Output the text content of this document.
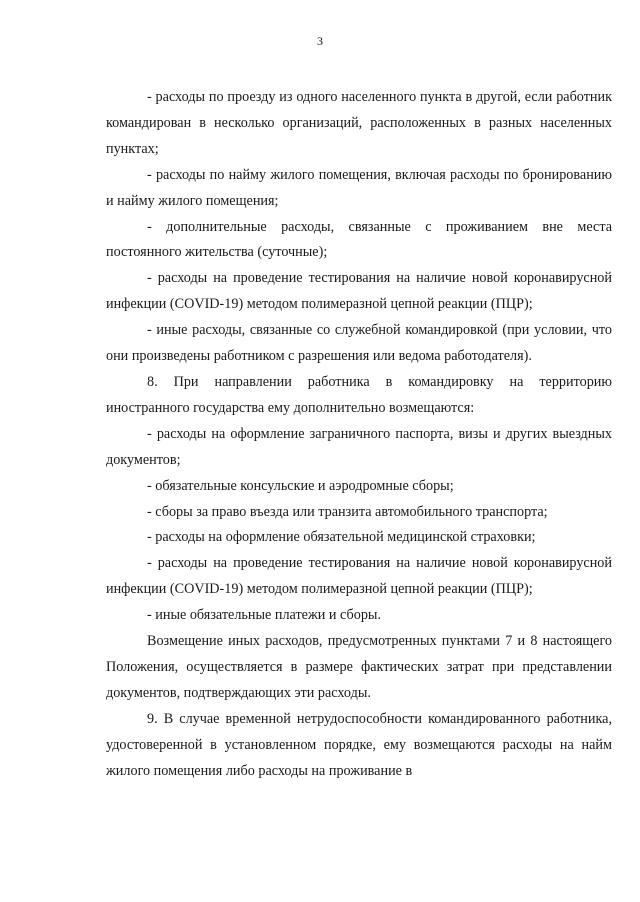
3

- расходы по проезду из одного населенного пункта в другой, если работник командирован в несколько организаций, расположенных в разных населенных пунктах;

- расходы по найму жилого помещения, включая расходы по бронированию и найму жилого помещения;

- дополнительные расходы, связанные с проживанием вне места постоянного жительства (суточные);

- расходы на проведение тестирования на наличие новой коронавирусной инфекции (COVID-19) методом полимеразной цепной реакции (ПЦР);

- иные расходы, связанные со служебной командировкой (при условии, что они произведены работником с разрешения или ведома работодателя).

8. При направлении работника в командировку на территорию иностранного государства ему дополнительно возмещаются:

- расходы на оформление заграничного паспорта, визы и других выездных документов;

- обязательные консульские и аэродромные сборы;

- сборы за право въезда или транзита автомобильного транспорта;

- расходы на оформление обязательной медицинской страховки;

- расходы на проведение тестирования на наличие новой коронавирусной инфекции (COVID-19) методом полимеразной цепной реакции (ПЦР);

- иные обязательные платежи и сборы.

Возмещение иных расходов, предусмотренных пунктами 7 и 8 настоящего Положения, осуществляется в размере фактических затрат при представлении документов, подтверждающих эти расходы.

9. В случае временной нетрудоспособности командированного работника, удостоверенной в установленном порядке, ему возмещаются расходы на найм жилого помещения либо расходы на проживание в
